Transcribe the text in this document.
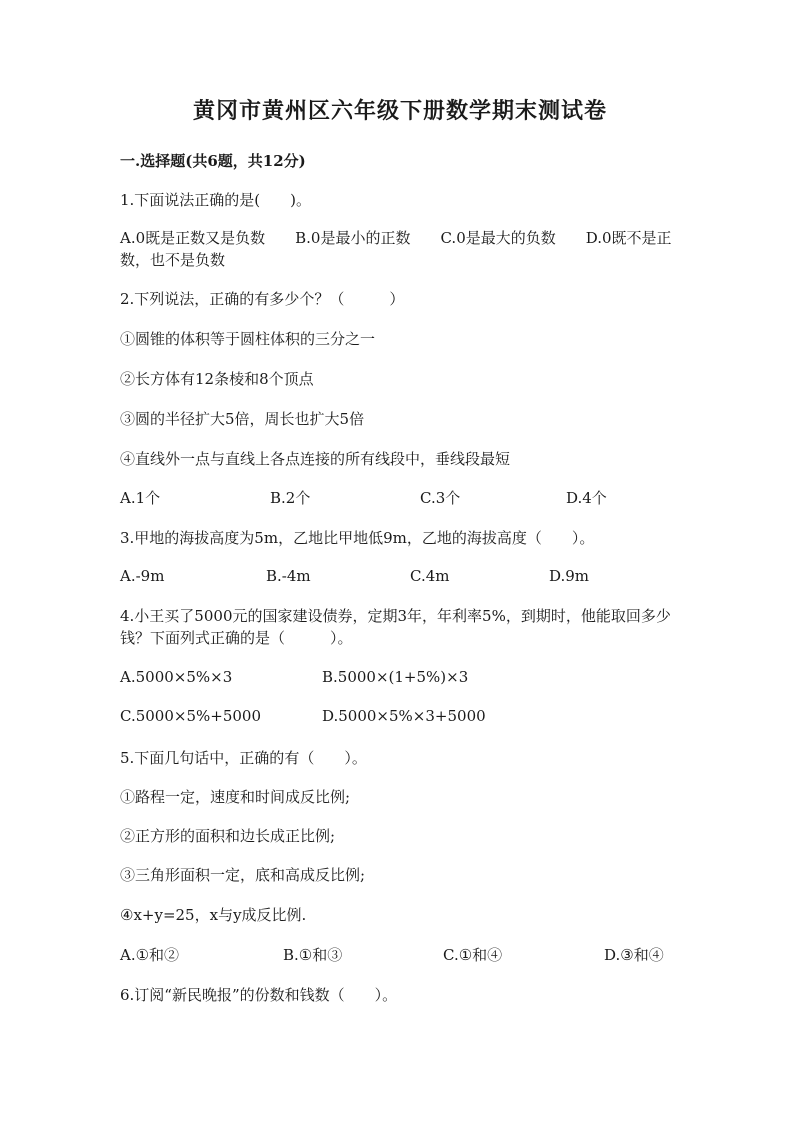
黄冈市黄州区六年级下册数学期末测试卷
一.选择题(共6题，共12分)
1.下面说法正确的是(　　)。
A.0既是正数又是负数　　B.0是最小的正数　　C.0是最大的负数　　D.0既不是正数，也不是负数
2.下列说法，正确的有多少个？（　　　）
①圆锥的体积等于圆柱体积的三分之一
②长方体有12条棱和8个顶点
③圆的半径扩大5倍，周长也扩大5倍
④直线外一点与直线上各点连接的所有线段中，垂线段最短
A.1个	B.2个	C.3个	D.4个
3.甲地的海拔高度为5m，乙地比甲地低9m，乙地的海拔高度（　　）。
A.-9m	B.-4m	C.4m	D.9m
4.小王买了5000元的国家建设债券，定期3年，年利率5%，到期时，他能取回多少钱？下面列式正确的是（　　　）。
A.5000×5%×3	B.5000×(1+5%)×3
C.5000×5%+5000	D.5000×5%×3+5000
5.下面几句话中，正确的有（　　）。
①路程一定，速度和时间成反比例;
②正方形的面积和边长成正比例;
③三角形面积一定，底和高成反比例;
④x+y=25，x与y成反比例.
A.①和②	B.①和③	C.①和④	D.③和④
6.订阅“新民晚报”的份数和钱数（　　）。
